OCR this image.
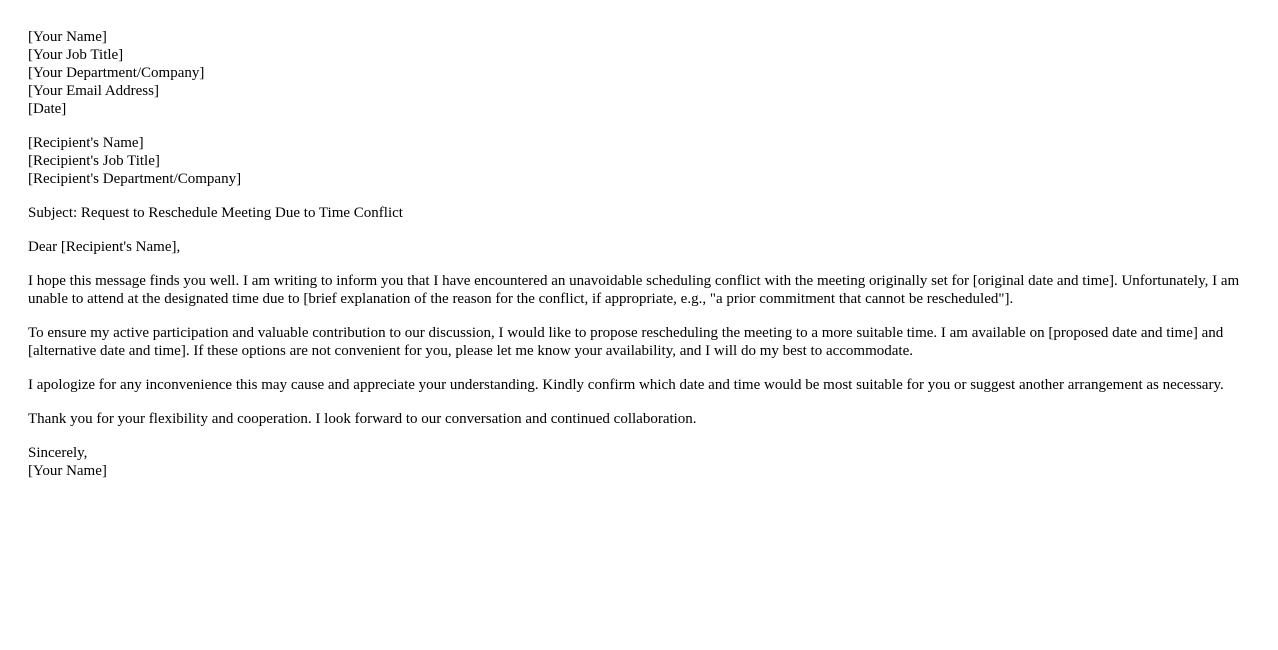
[Your Name]
[Your Job Title]
[Your Department/Company]
[Your Email Address]
[Date]
[Recipient's Name]
[Recipient's Job Title]
[Recipient's Department/Company]

Subject: Request to Reschedule Meeting Due to Time Conflict

Dear [Recipient's Name],

I hope this message finds you well. I am writing to inform you that I have encountered an unavoidable scheduling conflict with the meeting originally set for [original date and time]. Unfortunately, I am unable to attend at the designated time due to [brief explanation of the reason for the conflict, if appropriate, e.g., "a prior commitment that cannot be rescheduled"].

To ensure my active participation and valuable contribution to our discussion, I would like to propose rescheduling the meeting to a more suitable time. I am available on [proposed date and time] and [alternative date and time]. If these options are not convenient for you, please let me know your availability, and I will do my best to accommodate.

I apologize for any inconvenience this may cause and appreciate your understanding. Kindly confirm which date and time would be most suitable for you or suggest another arrangement as necessary.

Thank you for your flexibility and cooperation. I look forward to our conversation and continued collaboration.

Sincerely,
[Your Name]
